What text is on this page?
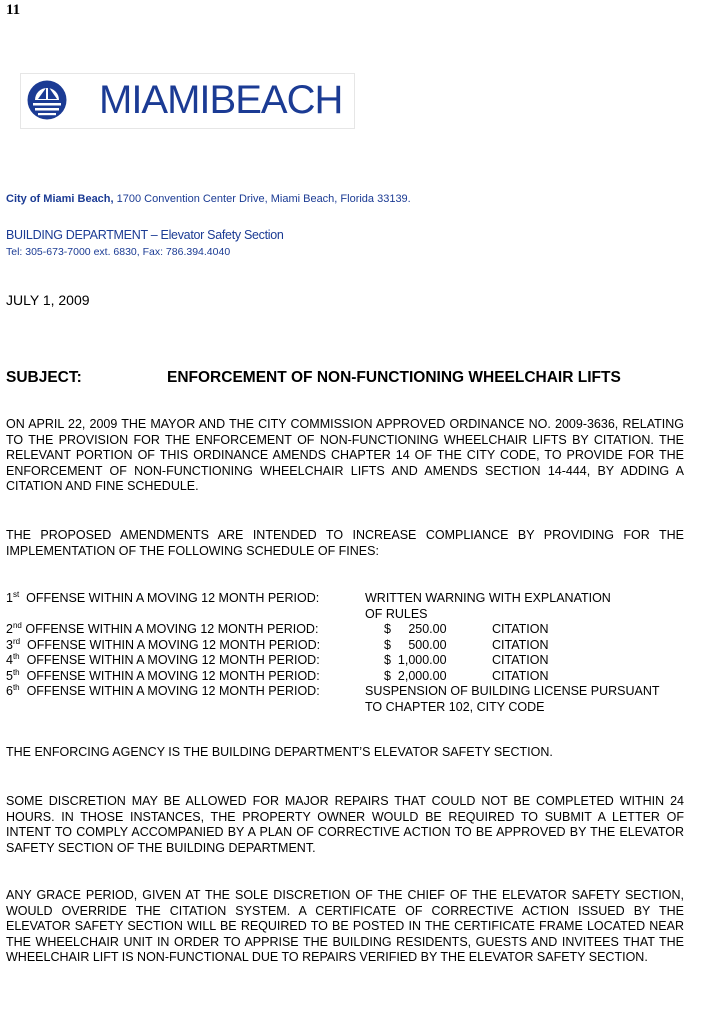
11
MIAMIBEACH
City of Miami Beach, 1700 Convention Center Drive, Miami Beach, Florida 33139.
BUILDING DEPARTMENT – Elevator Safety Section
Tel: 305-673-7000 ext. 6830, Fax: 786.394.4040
JULY 1, 2009
SUBJECT:	ENFORCEMENT OF NON-FUNCTIONING WHEELCHAIR LIFTS
ON APRIL 22, 2009 THE MAYOR AND THE CITY COMMISSION APPROVED ORDINANCE NO. 2009-3636, RELATING TO THE PROVISION FOR THE ENFORCEMENT OF NON-FUNCTIONING WHEELCHAIR LIFTS BY CITATION. THE RELEVANT PORTION OF THIS ORDINANCE AMENDS CHAPTER 14 OF THE CITY CODE, TO PROVIDE FOR THE ENFORCEMENT OF NON-FUNCTIONING WHEELCHAIR LIFTS AND AMENDS SECTION 14-444, BY ADDING A CITATION AND FINE SCHEDULE.
THE PROPOSED AMENDMENTS ARE INTENDED TO INCREASE COMPLIANCE BY PROVIDING FOR THE IMPLEMENTATION OF THE FOLLOWING SCHEDULE OF FINES:
1st OFFENSE WITHIN A MOVING 12 MONTH PERIOD:	WRITTEN WARNING WITH EXPLANATION
OF RULES
2nd OFFENSE WITHIN A MOVING 12 MONTH PERIOD:	$     250.00	CITATION
3rd OFFENSE WITHIN A MOVING 12 MONTH PERIOD:	$     500.00	CITATION
4th OFFENSE WITHIN A MOVING 12 MONTH PERIOD:	$  1,000.00	CITATION
5th OFFENSE WITHIN A MOVING 12 MONTH PERIOD:	$  2,000.00	CITATION
6th OFFENSE WITHIN A MOVING 12 MONTH PERIOD:	SUSPENSION OF BUILDING LICENSE PURSUANT
TO CHAPTER 102, CITY CODE
THE ENFORCING AGENCY IS THE BUILDING DEPARTMENT’S ELEVATOR SAFETY SECTION.
SOME DISCRETION MAY BE ALLOWED FOR MAJOR REPAIRS THAT COULD NOT BE COMPLETED WITHIN 24 HOURS. IN THOSE INSTANCES, THE PROPERTY OWNER WOULD BE REQUIRED TO SUBMIT A LETTER OF INTENT TO COMPLY ACCOMPANIED BY A PLAN OF CORRECTIVE ACTION TO BE APPROVED BY THE ELEVATOR SAFETY SECTION OF THE BUILDING DEPARTMENT.
ANY GRACE PERIOD, GIVEN AT THE SOLE DISCRETION OF THE CHIEF OF THE ELEVATOR SAFETY SECTION, WOULD OVERRIDE THE CITATION SYSTEM. A CERTIFICATE OF CORRECTIVE ACTION ISSUED BY THE ELEVATOR SAFETY SECTION WILL BE REQUIRED TO BE POSTED IN THE CERTIFICATE FRAME LOCATED NEAR THE WHEELCHAIR UNIT IN ORDER TO APPRISE THE BUILDING RESIDENTS, GUESTS AND INVITEES THAT THE WHEELCHAIR LIFT IS NON-FUNCTIONAL DUE TO REPAIRS VERIFIED BY THE ELEVATOR SAFETY SECTION.
